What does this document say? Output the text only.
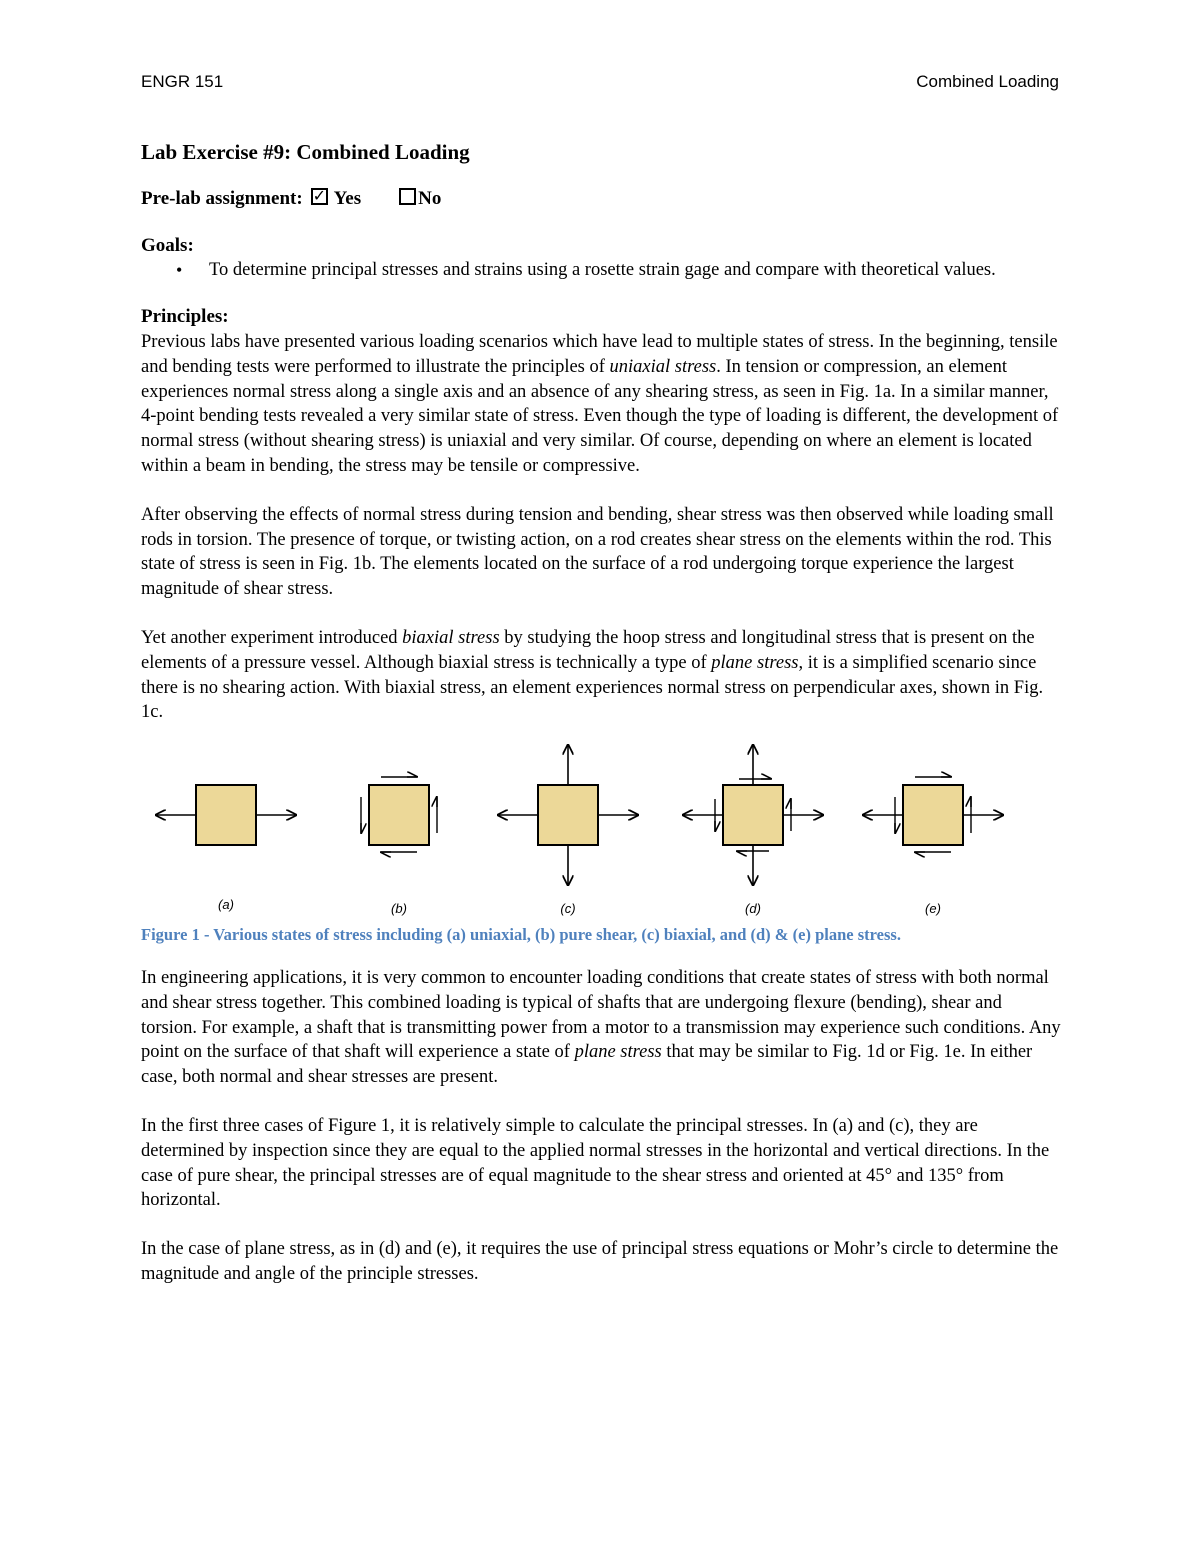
ENGR 151	Combined Loading
Lab Exercise #9: Combined Loading
Pre-lab assignment:✓ Yes	No
Goals:
• To determine principal stresses and strains using a rosette strain gage and compare with theoretical values.
Principles:

Previous labs have presented various loading scenarios which have lead to multiple states of stress. In the beginning, tensile and bending tests were performed to illustrate the principles of uniaxial stress. In tension or compression, an element experiences normal stress along a single axis and an absence of any shearing stress, as seen in Fig. 1a. In a similar manner, 4-point bending tests revealed a very similar state of stress. Even though the type of loading is different, the development of normal stress (without shearing stress) is uniaxial and very similar. Of course, depending on where an element is located within a beam in bending, the stress may be tensile or compressive.

After observing the effects of normal stress during tension and bending, shear stress was then observed while loading small rods in torsion. The presence of torque, or twisting action, on a rod creates shear stress on the elements within the rod. This state of stress is seen in Fig. 1b. The elements located on the surface of a rod undergoing torque experience the largest magnitude of shear stress.

Yet another experiment introduced biaxial stress by studying the hoop stress and longitudinal stress that is present on the elements of a pressure vessel. Although biaxial stress is technically a type of plane stress, it is a simplified scenario since there is no shearing action. With biaxial stress, an element experiences normal stress on perpendicular axes, shown in Fig. 1c.

(a)	(b)	(c)	(d)	(e)
Figure 1 - Various states of stress including (a) uniaxial, (b) pure shear, (c) biaxial, and (d) & (e) plane stress.

In engineering applications, it is very common to encounter loading conditions that create states of stress with both normal and shear stress together. This combined loading is typical of shafts that are undergoing flexure (bending), shear and torsion. For example, a shaft that is transmitting power from a motor to a transmission may experience such conditions. Any point on the surface of that shaft will experience a state of plane stress that may be similar to Fig. 1d or Fig. 1e. In either case, both normal and shear stresses are present.

In the first three cases of Figure 1, it is relatively simple to calculate the principal stresses. In (a) and (c), they are determined by inspection since they are equal to the applied normal stresses in the horizontal and vertical directions. In the case of pure shear, the principal stresses are of equal magnitude to the shear stress and oriented at 45° and 135° from horizontal.

In the case of plane stress, as in (d) and (e), it requires the use of principal stress equations or Mohr’s circle to determine the magnitude and angle of the principle stresses.
